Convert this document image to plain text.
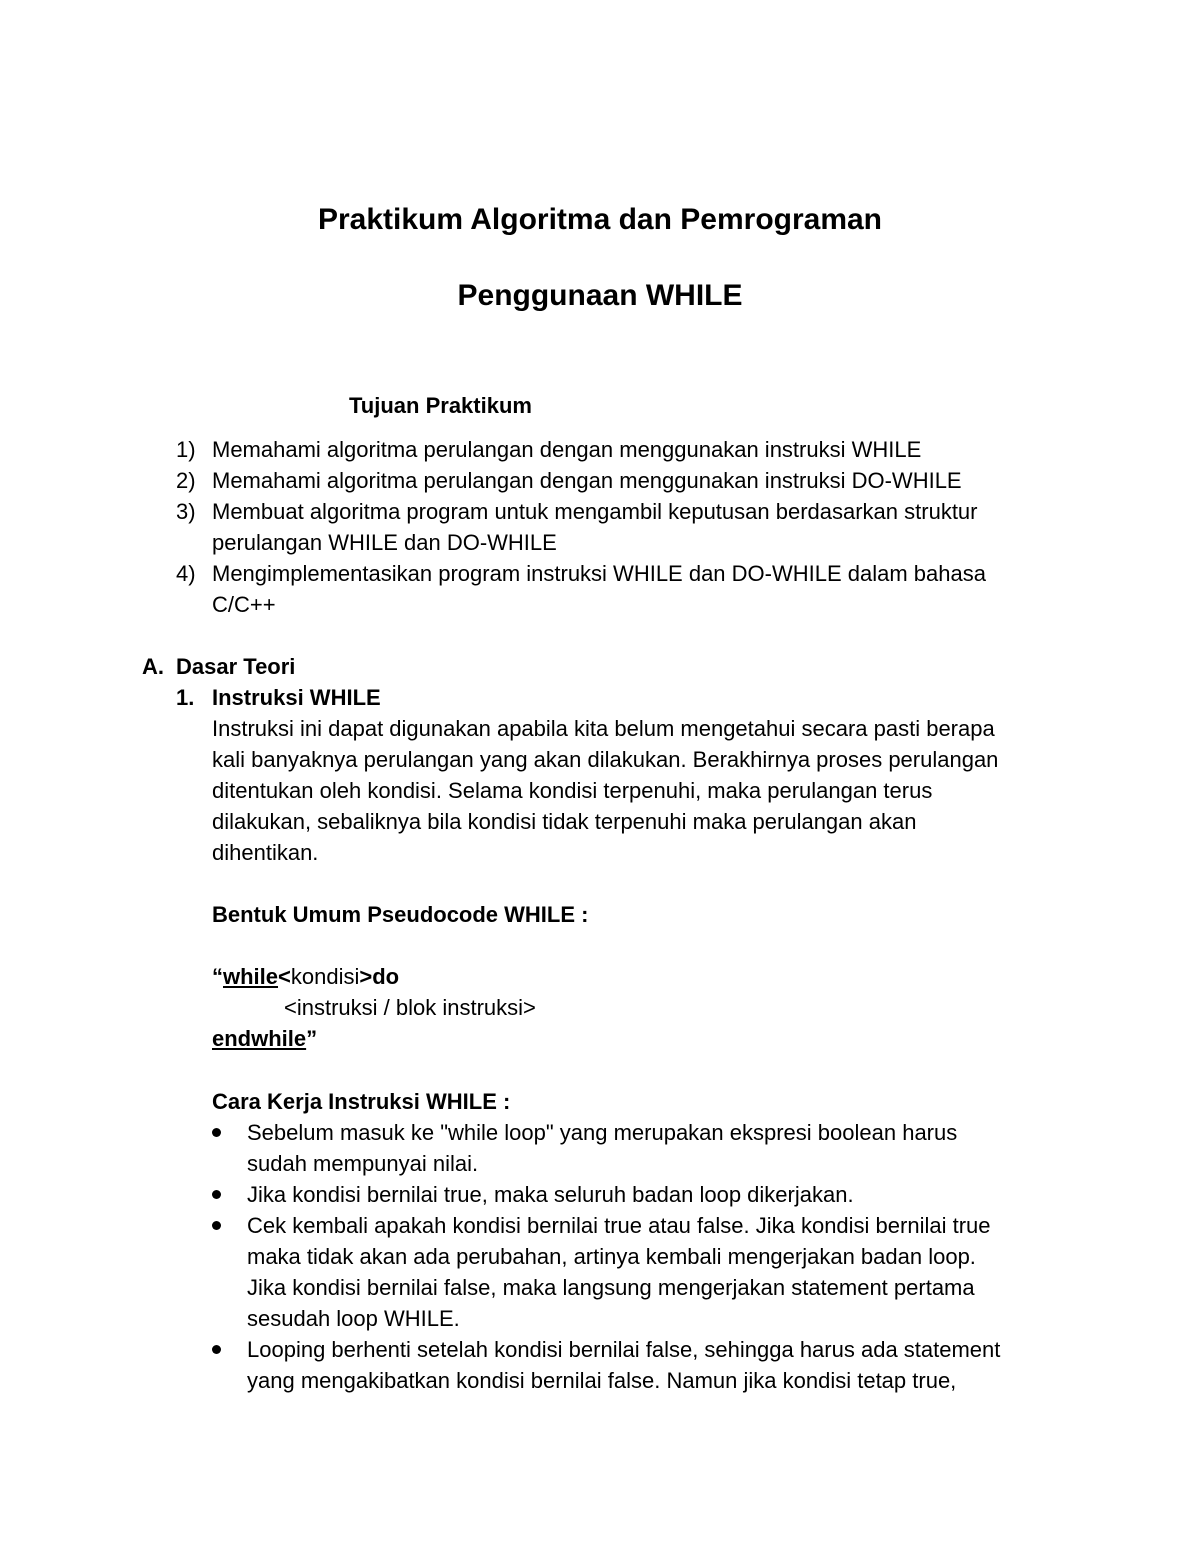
Praktikum Algoritma dan Pemrograman
Penggunaan WHILE
Tujuan Praktikum
1) Memahami algoritma perulangan dengan menggunakan instruksi WHILE
2) Memahami algoritma perulangan dengan menggunakan instruksi DO-WHILE
3) Membuat algoritma program untuk mengambil keputusan berdasarkan struktur
perulangan WHILE dan DO-WHILE
4) Mengimplementasikan program instruksi WHILE dan DO-WHILE dalam bahasa
C/C++
A. Dasar Teori
1. Instruksi WHILE
Instruksi ini dapat digunakan apabila kita belum mengetahui secara pasti berapa
kali banyaknya perulangan yang akan dilakukan. Berakhirnya proses perulangan
ditentukan oleh kondisi. Selama kondisi terpenuhi, maka perulangan terus
dilakukan, sebaliknya bila kondisi tidak terpenuhi maka perulangan akan
dihentikan.
Bentuk Umum Pseudocode WHILE :
“while<kondisi>do
<instruksi / blok instruksi>
endwhile”
Cara Kerja Instruksi WHILE :
Sebelum masuk ke "while loop" yang merupakan ekspresi boolean harus
sudah mempunyai nilai.
Jika kondisi bernilai true, maka seluruh badan loop dikerjakan.
Cek kembali apakah kondisi bernilai true atau false. Jika kondisi bernilai true
maka tidak akan ada perubahan, artinya kembali mengerjakan badan loop.
Jika kondisi bernilai false, maka langsung mengerjakan statement pertama
sesudah loop WHILE.
Looping berhenti setelah kondisi bernilai false, sehingga harus ada statement
yang mengakibatkan kondisi bernilai false. Namun jika kondisi tetap true,
